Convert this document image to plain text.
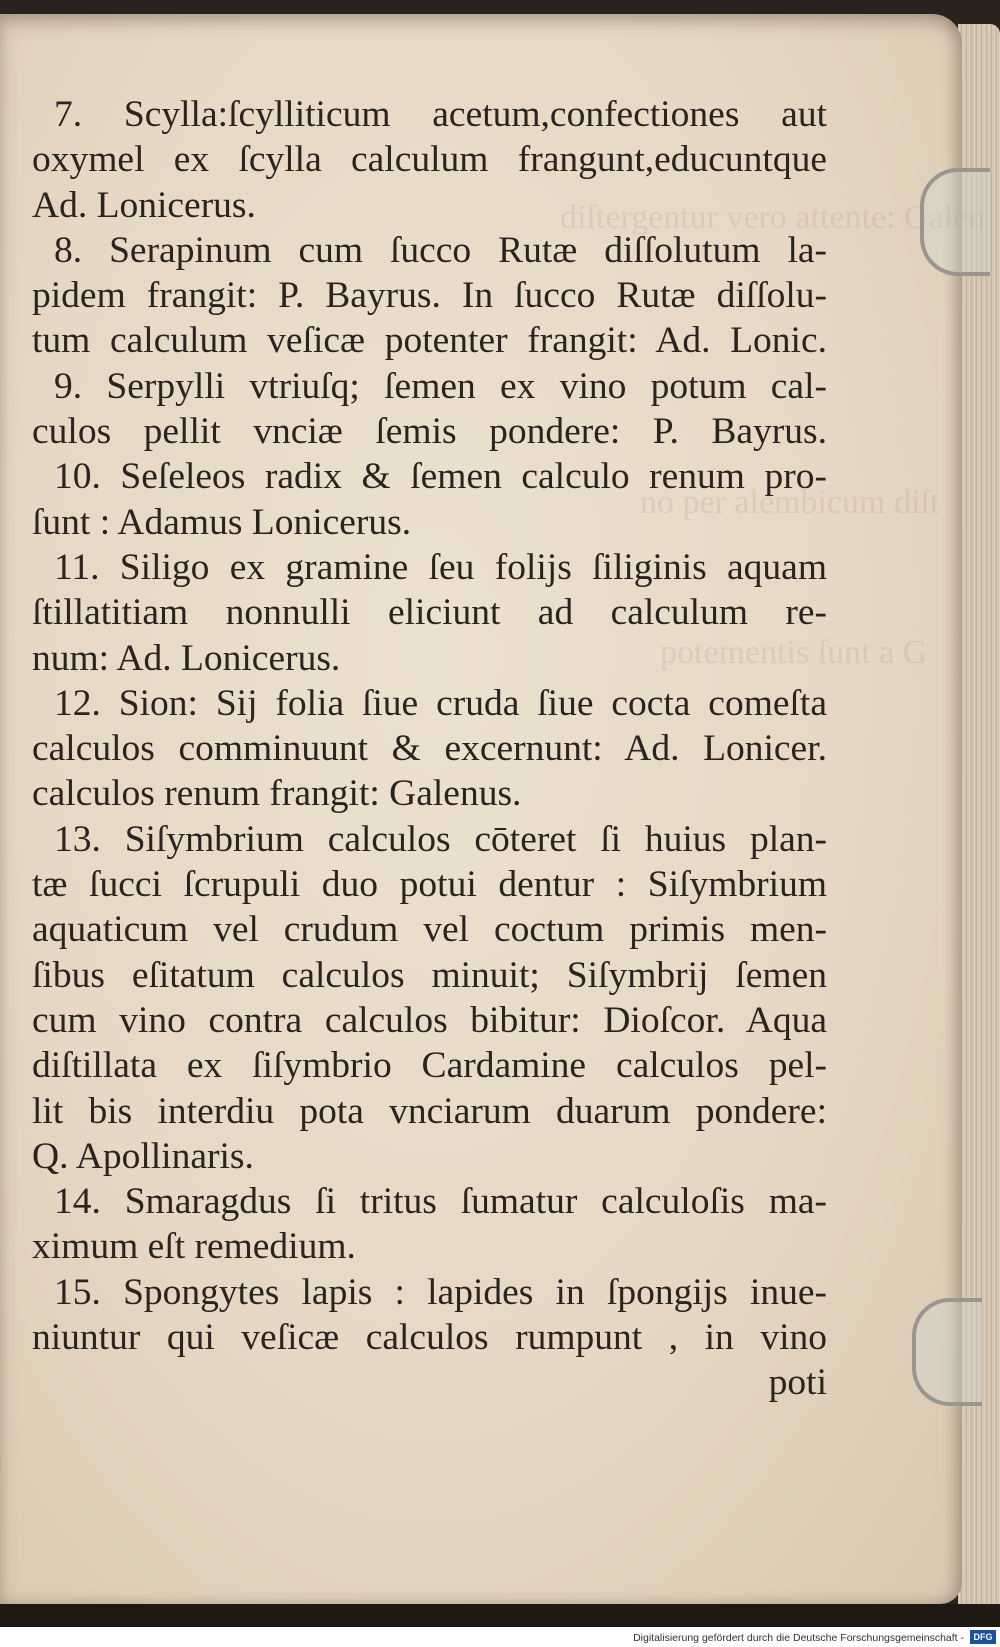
diſtergentur vero attente: Galen
no per alembicum diſt
potementis ſunt a G
7. Scylla:ſcylliticum acetum,confectiones aut
oxymel ex ſcylla calculum frangunt,educuntque
Ad. Lonicerus.
8. Serapinum cum ſucco Rutæ diſſolutum la-
pidem frangit: P. Bayrus. In ſucco Rutæ diſſolu-
tum calculum veſicæ potenter frangit: Ad. Lonic.
9. Serpylli vtriuſq; ſemen ex vino potum cal-
culos pellit vnciæ ſemis pondere: P. Bayrus.
10. Seſeleos radix & ſemen calculo renum pro-
ſunt : Adamus Lonicerus.
11. Siligo ex gramine ſeu folijs ſiliginis aquam
ſtillatitiam nonnulli eliciunt ad calculum re-
num: Ad. Lonicerus.
12. Sion: Sij folia ſiue cruda ſiue cocta comeſta
calculos comminuunt & excernunt: Ad. Lonicer.
calculos renum frangit: Galenus.
13. Siſymbrium calculos cōteret ſi huius plan-
tæ ſucci ſcrupuli duo potui dentur : Siſymbrium
aquaticum vel crudum vel coctum primis men-
ſibus eſitatum calculos minuit; Siſymbrij ſemen
cum vino contra calculos bibitur: Dioſcor. Aqua
diſtillata ex ſiſymbrio Cardamine calculos pel-
lit bis interdiu pota vnciarum duarum pondere:
Q. Apollinaris.
14. Smaragdus ſi tritus ſumatur calculoſis ma-
ximum eſt remedium.
15. Spongytes lapis : lapides in ſpongijs inue-
niuntur qui veſicæ calculos rumpunt , in vino
poti
Digitalisierung gefördert durch die Deutsche Forschungsgemeinschaft -	DFG
